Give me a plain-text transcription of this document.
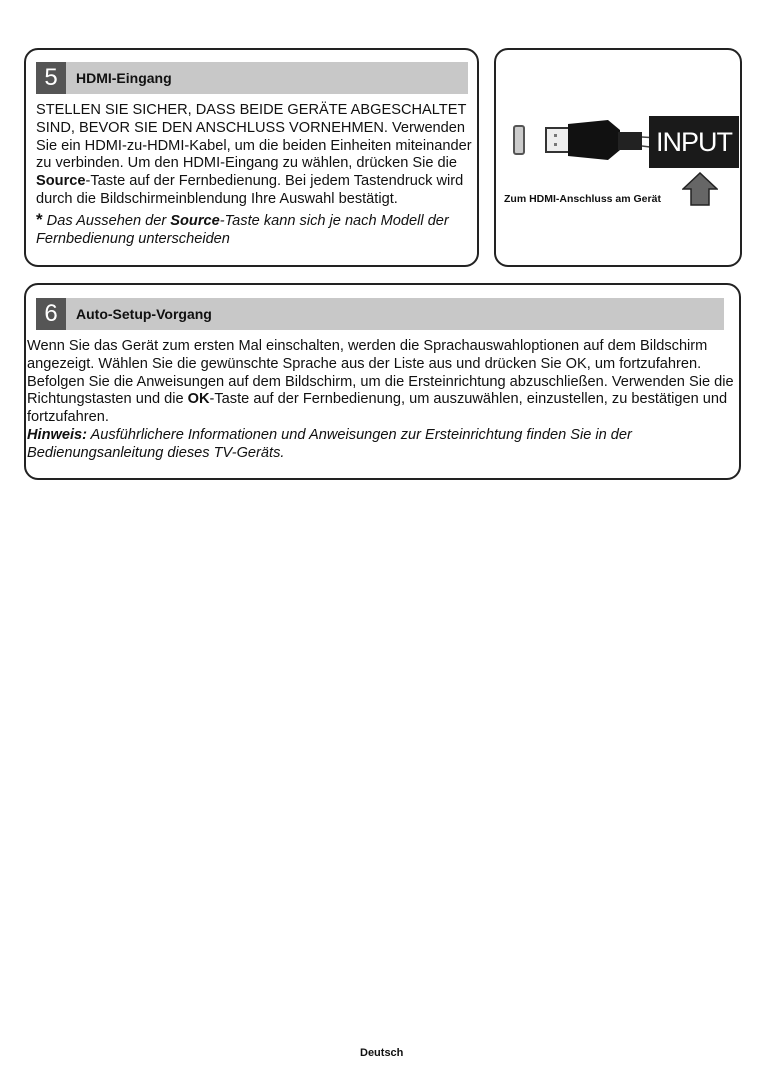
5	HDMI-Eingang

STELLEN SIE SICHER, DASS BEIDE GERÄTE ABGESCHALTET SIND, BEVOR SIE DEN ANSCHLUSS VORNEHMEN. Verwenden Sie ein HDMI-zu-HDMI-Kabel, um die beiden Einheiten miteinander zu verbinden. Um den HDMI-Eingang zu wählen, drücken Sie die Source-Taste auf der Fernbedienung. Bei jedem Tastendruck wird durch die Bildschirmeinblendung Ihre Auswahl bestätigt.

* Das Aussehen der Source-Taste kann sich je nach Modell der Fernbedienung unterscheiden

INPUT
Zum HDMI-Anschluss am Gerät
6	Auto-Setup-Vorgang

Wenn Sie das Gerät zum ersten Mal einschalten, werden die Sprachauswahloptionen auf dem Bildschirm angezeigt. Wählen Sie die gewünschte Sprache aus der Liste aus und drücken Sie OK, um fortzufahren.

Befolgen Sie die Anweisungen auf dem Bildschirm, um die Ersteinrichtung abzuschließen. Verwenden Sie die Richtungstasten und die OK-Taste auf der Fernbedienung, um auszuwählen, einzustellen, zu bestätigen und fortzufahren.

Hinweis: Ausführlichere Informationen und Anweisungen zur Ersteinrichtung finden Sie in der Bedienungsanleitung dieses TV-Geräts.

Deutsch
